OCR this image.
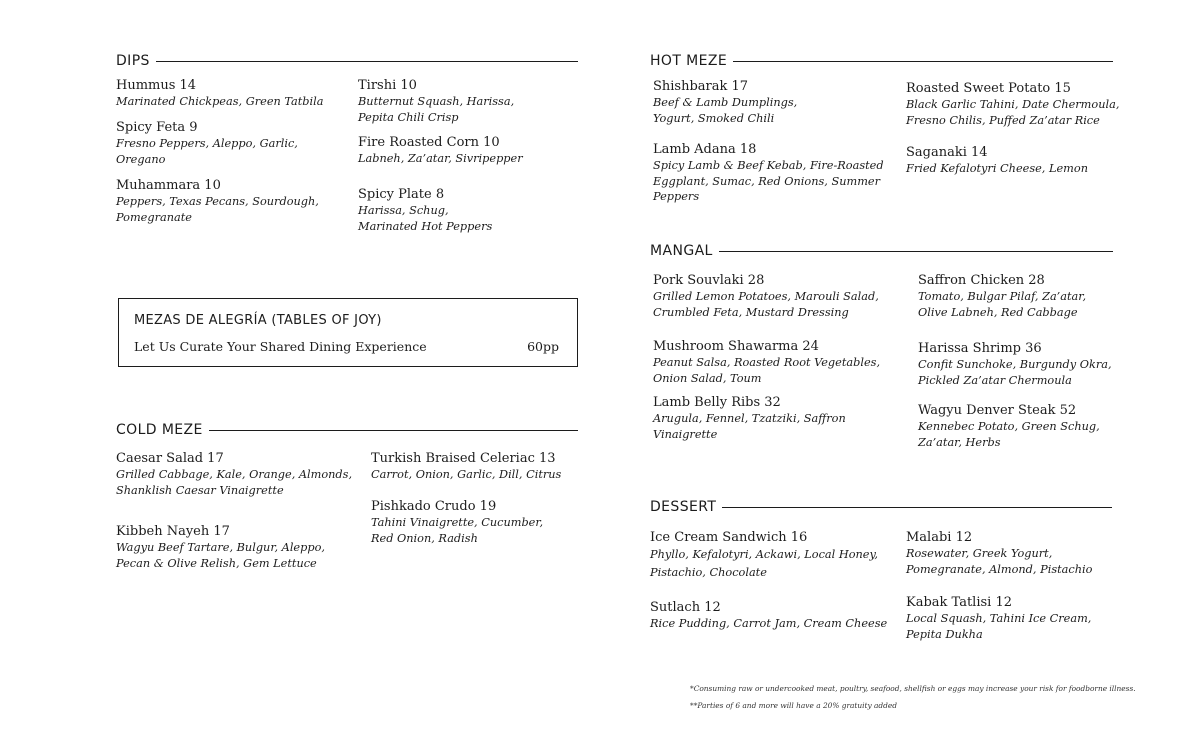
DIPS
Hummus 14
Marinated Chickpeas, Green Tatbila
Spicy Feta 9
Fresno Peppers, Aleppo, Garlic, Oregano
Muhammara 10
Peppers, Texas Pecans, Sourdough, Pomegranate
Tirshi 10
Butternut Squash, Harissa, Pepita Chili Crisp
Fire Roasted Corn 10
Labneh, Za’atar, Sivripepper
Spicy Plate 8
Harissa, Schug, Marinated Hot Peppers
MEZAS DE ALEGRÍA (TABLES OF JOY)
Let Us Curate Your Shared Dining Experience	60pp
COLD MEZE
Caesar Salad 17
Grilled Cabbage, Kale, Orange, Almonds, Shanklish Caesar Vinaigrette
Kibbeh Nayeh 17
Wagyu Beef Tartare, Bulgur, Aleppo, Pecan & Olive Relish, Gem Lettuce
Turkish Braised Celeriac 13
Carrot, Onion, Garlic, Dill, Citrus
Pishkado Crudo 19
Tahini Vinaigrette, Cucumber, Red Onion, Radish
HOT MEZE
Shishbarak 17
Beef & Lamb Dumplings, Yogurt, Smoked Chili
Lamb Adana 18
Spicy Lamb & Beef Kebab, Fire-Roasted Eggplant, Sumac, Red Onions, Summer Peppers
Roasted Sweet Potato 15
Black Garlic Tahini, Date Chermoula, Fresno Chilis, Puffed Za’atar Rice
Saganaki 14
Fried Kefalotyri Cheese, Lemon
MANGAL
Pork Souvlaki 28
Grilled Lemon Potatoes, Marouli Salad, Crumbled Feta, Mustard Dressing
Mushroom Shawarma 24
Peanut Salsa, Roasted Root Vegetables, Onion Salad, Toum
Lamb Belly Ribs 32
Arugula, Fennel, Tzatziki, Saffron Vinaigrette
Saffron Chicken 28
Tomato, Bulgar Pilaf, Za’atar, Olive Labneh, Red Cabbage
Harissa Shrimp 36
Confit Sunchoke, Burgundy Okra, Pickled Za’atar Chermoula
Wagyu Denver Steak 52
Kennebec Potato, Green Schug, Za’atar, Herbs
DESSERT
Ice Cream Sandwich 16
Phyllo, Kefalotyri, Ackawi, Local Honey, Pistachio, Chocolate
Sutlach 12
Rice Pudding, Carrot Jam, Cream Cheese
Malabi 12
Rosewater, Greek Yogurt, Pomegranate, Almond, Pistachio
Kabak Tatlisi 12
Local Squash, Tahini Ice Cream, Pepita Dukha
*Consuming raw or undercooked meat, poultry, seafood, shellfish or eggs may increase your risk for foodborne illness.
**Parties of 6 and more will have a 20% gratuity added
